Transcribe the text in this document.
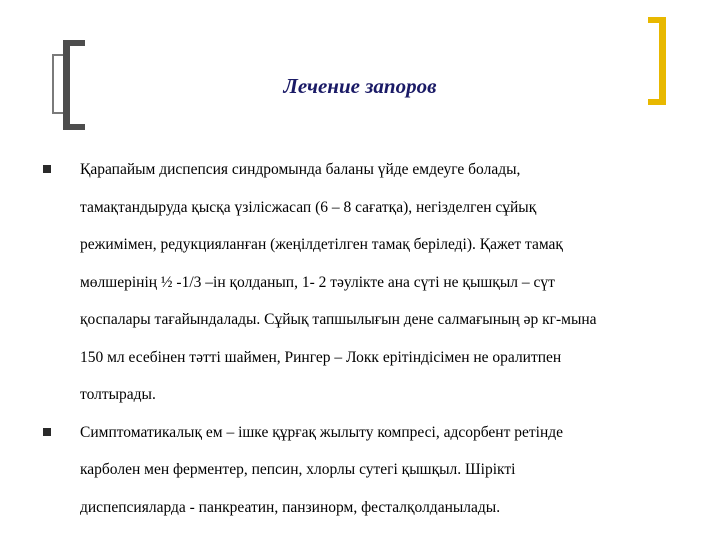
Лечение запоров
Қарапайым диспепсия синдромында баланы үйде емдеуге болады,
тамақтандыруда қысқа үзілісжасап (6 – 8 сағатқа), негізделген сұйық
режимімен, редукцияланған (жеңілдетілген тамақ беріледі). Қажет тамақ
мөлшерінің ½ -1/3 –ін қолданып, 1- 2 тәулікте ана сүті не қышқыл – сүт
қоспалары тағайындалады. Сұйық тапшылығын дене салмағының әр кг-мына
150 мл есебінен тәтті шаймен, Рингер – Локк ерітіндісімен не оралитпен
толтырады.
Симптоматикалық ем – ішке құрғақ жылыту компресі, адсорбент ретінде
карболен мен ферментер, пепсин, хлорлы сутегі қышқыл. Шірікті
диспепсияларда - панкреатин, панзинорм, фесталқолданылады.
